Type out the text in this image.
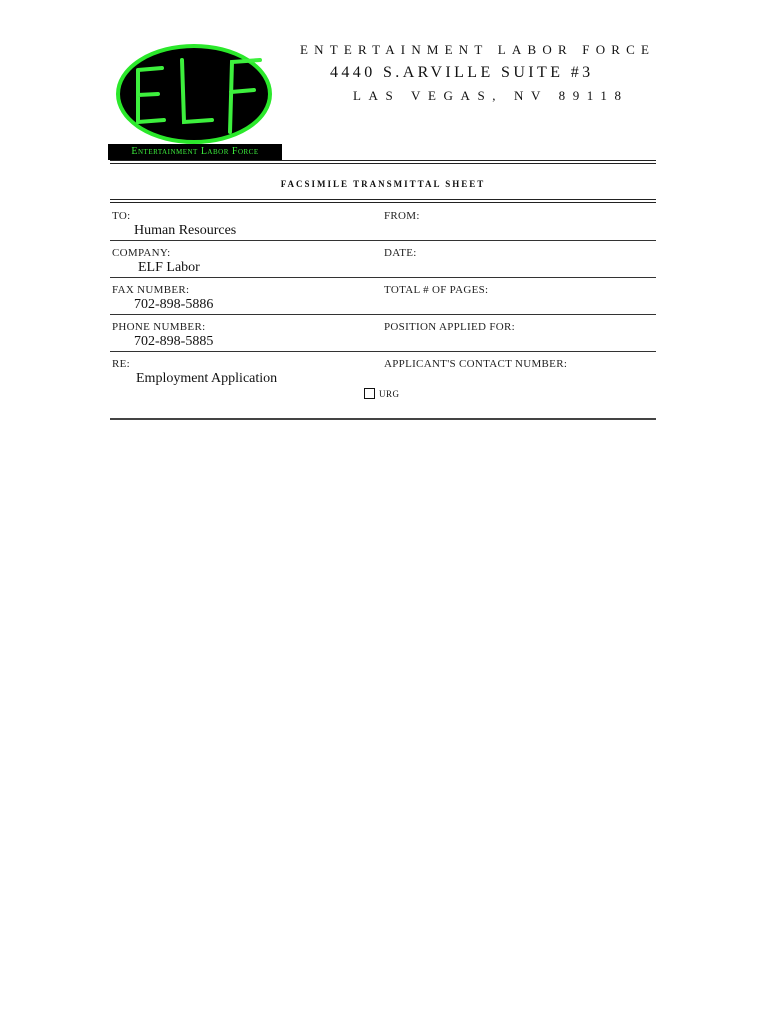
Entertainment Labor Force
ENTERTAINMENT LABOR FORCE
4440 S.ARVILLE SUITE #3
LAS VEGAS, NV 89118
FACSIMILE TRANSMITTAL SHEET
TO:
Human Resources
FROM:
COMPANY:
ELF Labor
DATE:
FAX NUMBER:
702-898-5886
TOTAL # OF PAGES:
PHONE NUMBER:
702-898-5885
POSITION APPLIED FOR:
RE:
Employment Application
APPLICANT'S CONTACT NUMBER:
URG
